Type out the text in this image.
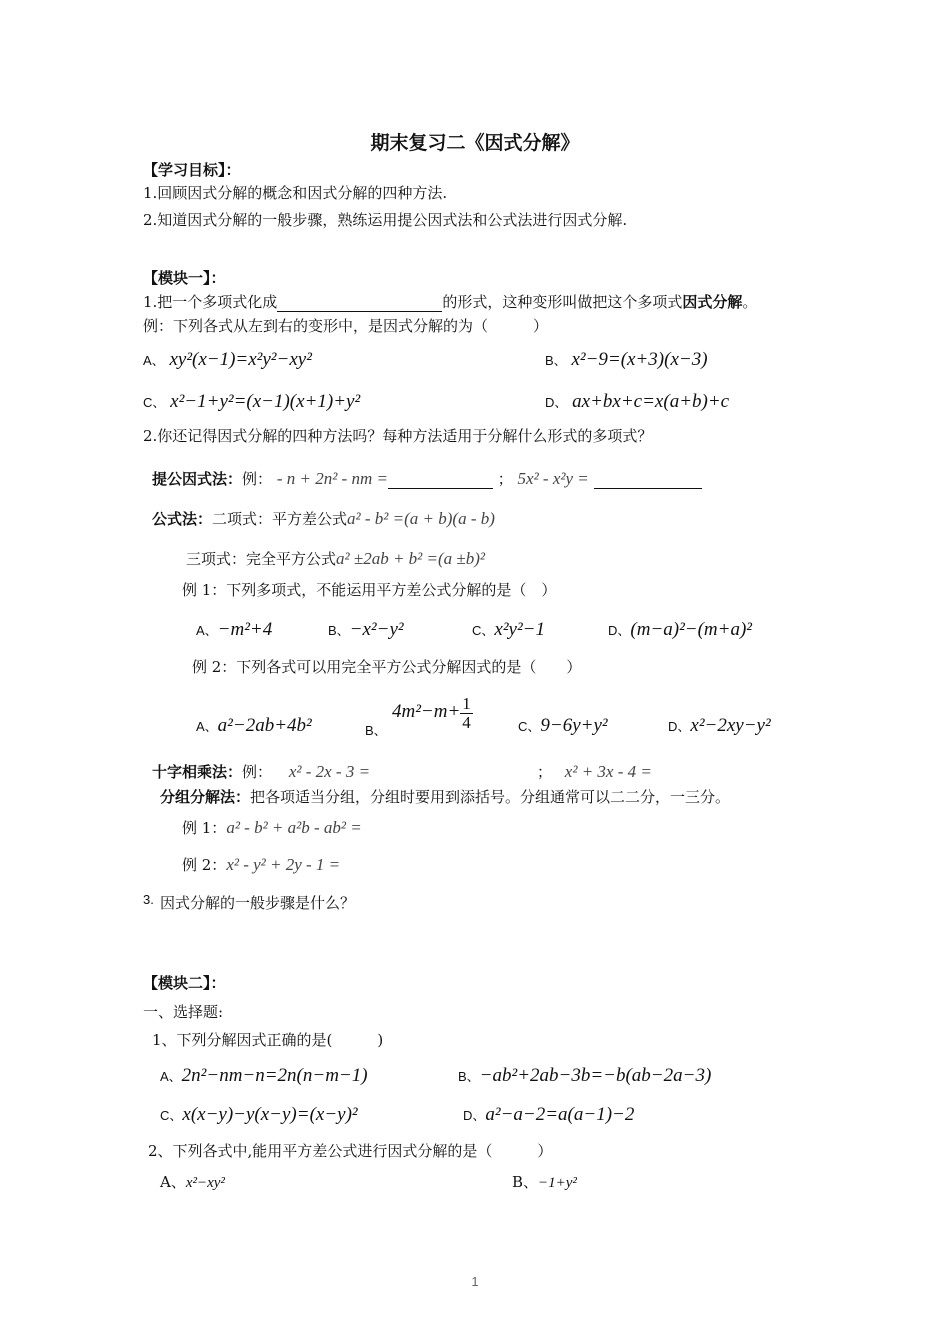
期末复习二《因式分解》
【学习目标】：
1.回顾因式分解的概念和因式分解的四种方法.
2.知道因式分解的一般步骤，熟练运用提公因式法和公式法进行因式分解.
【模块一】：
1.把一个多项式化成	的形式，这种变形叫做把这个多项式因式分解。
例：下列各式从左到右的变形中，是因式分解的为（　　　）
A、 xy²(x−1)=x²y²−xy²	B、 x²−9=(x+3)(x−3)
C、 x²−1+y²=(x−1)(x+1)+y²	D、 ax+bx+c=x(a+b)+c
2.你还记得因式分解的四种方法吗？每种方法适用于分解什么形式的多项式？
提公因式法：例： - n + 2n² - nm =	； 5x² - x²y =
公式法：二项式：平方差公式a² - b² =(a + b)(a - b)
三项式：完全平方公式a² ±2ab + b² =(a ±b)²
例 1：下列多项式，不能运用平方差公式分解的是（　）
A、−m²+4	B、−x²−y²	C、x²y²−1	D、(m−a)²−(m+a)²
例 2：下列各式可以用完全平方公式分解因式的是（　　）
A、a²−2ab+4b²	B、
$4m^2-m+ \frac{1}{4}$	C、9−6y+y²	D、x²−2xy−y²
十字相乘法：例： x² - 2x - 3 =	； x² + 3x - 4 =
分组分解法：把各项适当分组，分组时要用到添括号。分组通常可以二二分，一三分。
例 1：a² - b² + a²b - ab² =
例 2：x² - y² + 2y - 1 =
3. 因式分解的一般步骤是什么？
【模块二】：
一、选择题:
1、下列分解因式正确的是(　　　)
A、2n²−nm−n=2n(n−m−1)	B、−ab²+2ab−3b=−b(ab−2a−3)
C、x(x−y)−y(x−y)=(x−y)²	D、a²−a−2=a(a−1)−2
2、下列各式中,能用平方差公式进行因式分解的是（　　　）
A、x²−xy²	B、−1+y²
1
